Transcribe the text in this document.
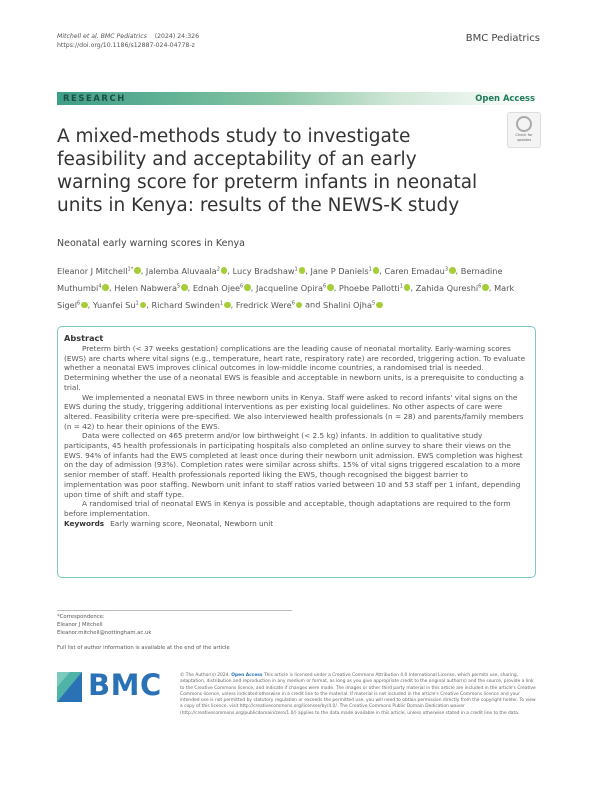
Mitchell et al. BMC Pediatrics (2024) 24:326
https://doi.org/10.1186/s12887-024-04778-z
BMC Pediatrics
RESEARCH	Open Access
A mixed-methods study to investigate feasibility and acceptability of an early warning score for preterm infants in neonatal units in Kenya: results of the NEWS-K study
Check for
updates
Neonatal early warning scores in Kenya
Eleanor J Mitchell$^{1*}$ , Jalemba Aluvaala$^2$ , Lucy Bradshaw$^1$ , Jane P Daniels$^1$ , Caren Emadau$^3$ , Bernadine Muthumbi$^4$ , Helen Nabwera$^5$ , Ednah Ojee$^6$ , Jacqueline Opira$^6$ , Phoebe Pallotti$^1$ , Zahida Qureshi$^6$ , Mark Sigel$^6$ , Yuanfei Su$^1$ , Richard Swinden$^1$ , Fredrick Were$^6$ and Shalini Ojha$^5$
Abstract

Preterm birth (< 37 weeks gestation) complications are the leading cause of neonatal mortality. Early-warning scores (EWS) are charts where vital signs (e.g., temperature, heart rate, respiratory rate) are recorded, triggering action. To evaluate whether a neonatal EWS improves clinical outcomes in low-middle income countries, a randomised trial is needed. Determining whether the use of a neonatal EWS is feasible and acceptable in newborn units, is a prerequisite to conducting a trial.

We implemented a neonatal EWS in three newborn units in Kenya. Staff were asked to record infants' vital signs on the EWS during the study, triggering additional interventions as per existing local guidelines. No other aspects of care were altered. Feasibility criteria were pre-specified. We also interviewed health professionals (n = 28) and parents/family members (n = 42) to hear their opinions of the EWS.

Data were collected on 465 preterm and/or low birthweight (< 2.5 kg) infants. In addition to qualitative study participants, 45 health professionals in participating hospitals also completed an online survey to share their views on the EWS. 94% of infants had the EWS completed at least once during their newborn unit admission. EWS completion was highest on the day of admission (93%). Completion rates were similar across shifts. 15% of vital signs triggered escalation to a more senior member of staff. Health professionals reported liking the EWS, though recognised the biggest barrier to implementation was poor staffing. Newborn unit infant to staff ratios varied between 10 and 53 staff per 1 infant, depending upon time of shift and staff type.

A randomised trial of neonatal EWS in Kenya is possible and acceptable, though adaptations are required to the form before implementation.

Keywords Early warning score, Neonatal, Newborn unit
*Correspondence:
Eleanor J Mitchell
Eleanor.mitchell@nottingham.ac.uk
Full list of author information is available at the end of the article
BMC	© The Author(s) 2024. Open Access This article is licensed under a Creative Commons Attribution 4.0 International License, which permits use, sharing, adaptation, distribution and reproduction in any medium or format, as long as you give appropriate credit to the original author(s) and the source, provide a link to the Creative Commons licence, and indicate if changes were made. The images or other third party material in this article are included in the article's Creative Commons licence, unless indicated otherwise in a credit line to the material. If material is not included in the article's Creative Commons licence and your intended use is not permitted by statutory regulation or exceeds the permitted use, you will need to obtain permission directly from the copyright holder. To view a copy of this licence, visit http://creativecommons.org/licenses/by/4.0/. The Creative Commons Public Domain Dedication waiver (http://creativecommons.org/publicdomain/zero/1.0/) applies to the data made available in this article, unless otherwise stated in a credit line to the data.
